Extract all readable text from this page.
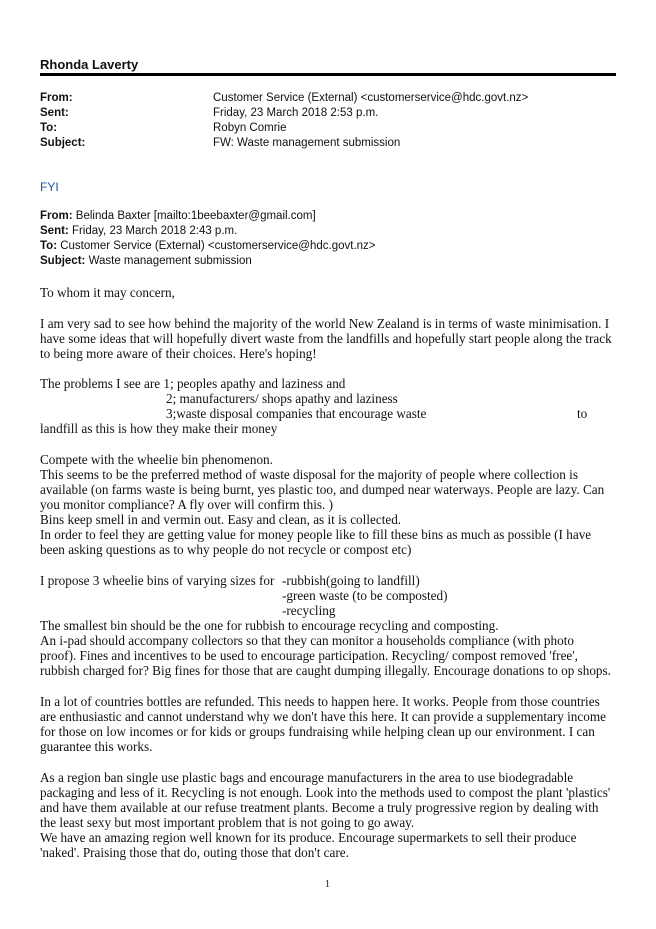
Rhonda Laverty
From:	Customer Service (External) <customerservice@hdc.govt.nz>
Sent:	Friday, 23 March 2018 2:53 p.m.
To:	Robyn Comrie
Subject:	FW: Waste management submission
FYI
From: Belinda Baxter [mailto:1beebaxter@gmail.com]
Sent: Friday, 23 March 2018 2:43 p.m.
To: Customer Service (External) <customerservice@hdc.govt.nz>
Subject: Waste management submission
To whom it may concern,
I am very sad to see how behind the majority of the world New Zealand is in terms of waste minimisation. I
have some ideas that will hopefully divert waste from the landfills and hopefully start people along the track
to being more aware of their choices. Here's hoping!
The problems I see are 1; peoples apathy and laziness and
2; manufacturers/ shops apathy and laziness
3;waste disposal companies that encourage waste	to
landfill as this is how they make their money
Compete with the wheelie bin phenomenon.
This seems to be the preferred method of waste disposal for the majority of people where collection is
available (on farms waste is being burnt, yes plastic too, and dumped near waterways. People are lazy. Can
you monitor compliance? A fly over will confirm this. )
Bins keep smell in and vermin out. Easy and clean, as it is collected.
In order to feel they are getting value for money people like to fill these bins as much as possible (I have
been asking questions as to why people do not recycle or compost etc)
I propose 3 wheelie bins of varying sizes for -rubbish(going to landfill)
-green waste (to be composted)
-recycling
The smallest bin should be the one for rubbish to encourage recycling and composting.
An i-pad should accompany collectors so that they can monitor a households compliance (with photo
proof). Fines and incentives to be used to encourage participation. Recycling/ compost removed 'free',
rubbish charged for? Big fines for those that are caught dumping illegally. Encourage donations to op shops.
In a lot of countries bottles are refunded. This needs to happen here. It works. People from those countries
are enthusiastic and cannot understand why we don't have this here. It can provide a supplementary income
for those on low incomes or for kids or groups fundraising while helping clean up our environment. I can
guarantee this works.
As a region ban single use plastic bags and encourage manufacturers in the area to use biodegradable
packaging and less of it. Recycling is not enough. Look into the methods used to compost the plant 'plastics'
and have them available at our refuse treatment plants. Become a truly progressive region by dealing with
the least sexy but most important problem that is not going to go away.
We have an amazing region well known for its produce. Encourage supermarkets to sell their produce
'naked'. Praising those that do, outing those that don't care.
1
